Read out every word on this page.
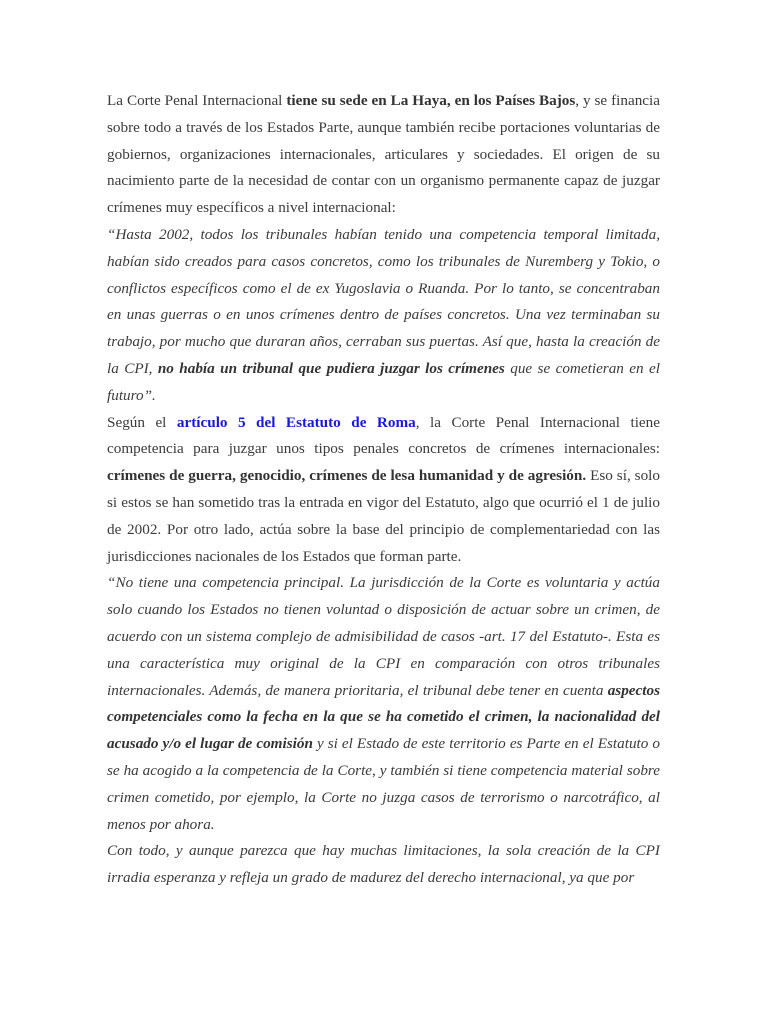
La Corte Penal Internacional tiene su sede en La Haya, en los Países Bajos, y se financia sobre todo a través de los Estados Parte, aunque también recibe portaciones voluntarias de gobiernos, organizaciones internacionales, articulares y sociedades. El origen de su nacimiento parte de la necesidad de contar con un organismo permanente capaz de juzgar crímenes muy específicos a nivel internacional:

“Hasta 2002, todos los tribunales habían tenido una competencia temporal limitada, habían sido creados para casos concretos, como los tribunales de Nuremberg y Tokio, o conflictos específicos como el de ex Yugoslavia o Ruanda. Por lo tanto, se concentraban en unas guerras o en unos crímenes dentro de países concretos. Una vez terminaban su trabajo, por mucho que duraran años, cerraban sus puertas. Así que, hasta la creación de la CPI, no había un tribunal que pudiera juzgar los crímenes que se cometieran en el futuro”.

Según el artículo 5 del Estatuto de Roma, la Corte Penal Internacional tiene competencia para juzgar unos tipos penales concretos de crímenes internacionales: crímenes de guerra, genocidio, crímenes de lesa humanidad y de agresión. Eso sí, solo si estos se han sometido tras la entrada en vigor del Estatuto, algo que ocurrió el 1 de julio de 2002. Por otro lado, actúa sobre la base del principio de complementariedad con las jurisdicciones nacionales de los Estados que forman parte.

“No tiene una competencia principal. La jurisdicción de la Corte es voluntaria y actúa solo cuando los Estados no tienen voluntad o disposición de actuar sobre un crimen, de acuerdo con un sistema complejo de admisibilidad de casos -art. 17 del Estatuto-. Esta es una característica muy original de la CPI en comparación con otros tribunales internacionales. Además, de manera prioritaria, el tribunal debe tener en cuenta aspectos competenciales como la fecha en la que se ha cometido el crimen, la nacionalidad del acusado y/o el lugar de comisión y si el Estado de este territorio es Parte en el Estatuto o se ha acogido a la competencia de la Corte, y también si tiene competencia material sobre crimen cometido, por ejemplo, la Corte no juzga casos de terrorismo o narcotráfico, al menos por ahora.

Con todo, y aunque parezca que hay muchas limitaciones, la sola creación de la CPI irradia esperanza y refleja un grado de madurez del derecho internacional, ya que por
